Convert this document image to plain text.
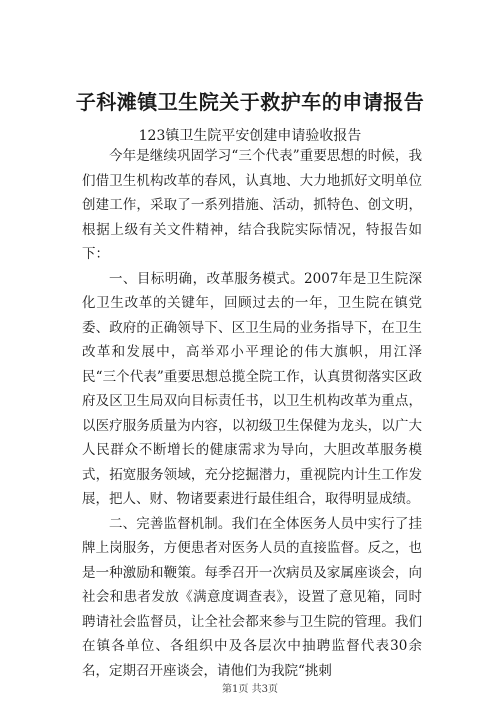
子科滩镇卫生院关于救护车的申请报告
123镇卫生院平安创建申请验收报告

今年是继续巩固学习“三个代表”重要思想的时候，我们借卫生机构改革的春风，认真地、大力地抓好文明单位创建工作，采取了一系列措施、活动，抓特色、创文明，根据上级有关文件精神，结合我院实际情况，特报告如下：

一、目标明确，改革服务模式。2007年是卫生院深化卫生改革的关键年，回顾过去的一年，卫生院在镇党委、政府的正确领导下、区卫生局的业务指导下，在卫生改革和发展中，高举邓小平理论的伟大旗帜，用江泽民“三个代表”重要思想总揽全院工作，认真贯彻落实区政府及区卫生局双向目标责任书，以卫生机构改革为重点，以医疗服务质量为内容，以初级卫生保健为龙头，以广大人民群众不断增长的健康需求为导向，大胆改革服务模式，拓宽服务领域，充分挖掘潜力，重视院内计生工作发展，把人、财、物诸要素进行最佳组合，取得明显成绩。

二、完善监督机制。我们在全体医务人员中实行了挂牌上岗服务，方便患者对医务人员的直接监督。反之，也是一种激励和鞭策。每季召开一次病员及家属座谈会，向社会和患者发放《满意度调查表》，设置了意见箱，同时聘请社会监督员，让全社会都来参与卫生院的管理。我们在镇各单位、各组织中及各层次中抽聘监督代表30余名，定期召开座谈会，请他们为我院“挑刺

第1页 共3页
